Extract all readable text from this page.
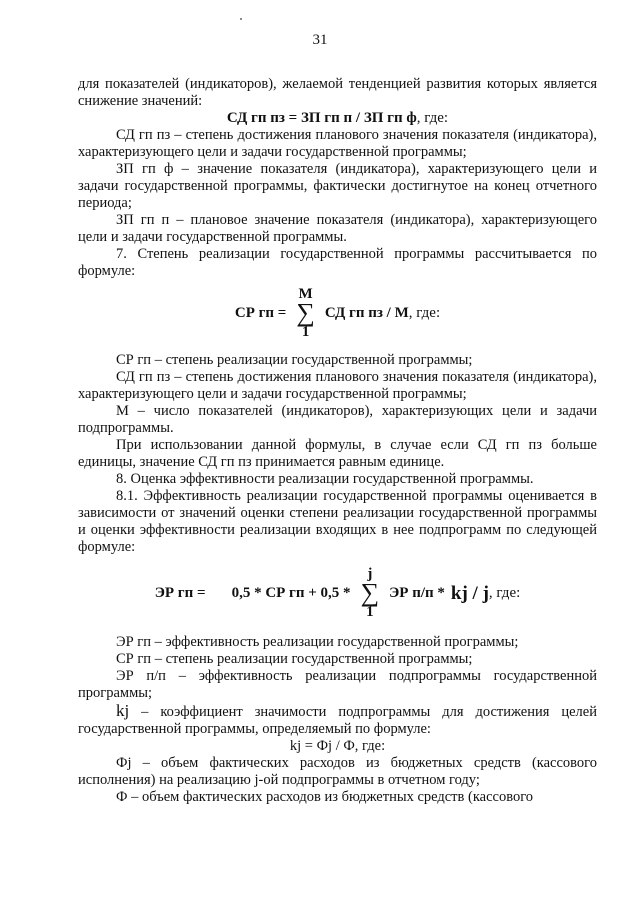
31

для показателей (индикаторов), желаемой тенденцией развития которых является снижение значений:

СД гп пз = ЗП гп п / ЗП гп ф, где:

СД гп пз – степень достижения планового значения показателя (индикатора), характеризующего цели и задачи государственной программы;

ЗП гп ф – значение показателя (индикатора), характеризующего цели и задачи государственной программы, фактически достигнутое на конец отчетного периода;

ЗП гп п – плановое значение показателя (индикатора), характеризующего цели и задачи государственной программы.

7. Степень реализации государственной программы рассчитывается по формуле:

СР гп =
М
∑
1
СД гп пз / М , где:

СР гп – степень реализации государственной программы;

СД гп пз – степень достижения планового значения показателя (индикатора), характеризующего цели и задачи государственной программы;

М – число показателей (индикаторов), характеризующих цели и задачи подпрограммы.

При использовании данной формулы, в случае если СД гп пз больше единицы, значение СД гп пз принимается равным единице.

8. Оценка эффективности реализации государственной программы.

8.1. Эффективность реализации государственной программы оценивается в зависимости от значений оценки степени реализации государственной программы и оценки эффективности реализации входящих в нее подпрограмм по следующей формуле:

ЭР гп = 0,5 * СР гп + 0,5 *
j
∑
1
ЭР п/п * kj / j , где:

ЭР гп – эффективность реализации государственной программы;

СР гп – степень реализации государственной программы;

ЭР п/п – эффективность реализации подпрограммы государственной программы;

kj – коэффициент значимости подпрограммы для достижения целей государственной программы, определяемый по формуле:

kj = Фj / Ф, где:

Фj – объем фактических расходов из бюджетных средств (кассового исполнения) на реализацию j-ой подпрограммы в отчетном году;

Ф – объем фактических расходов из бюджетных средств (кассового
